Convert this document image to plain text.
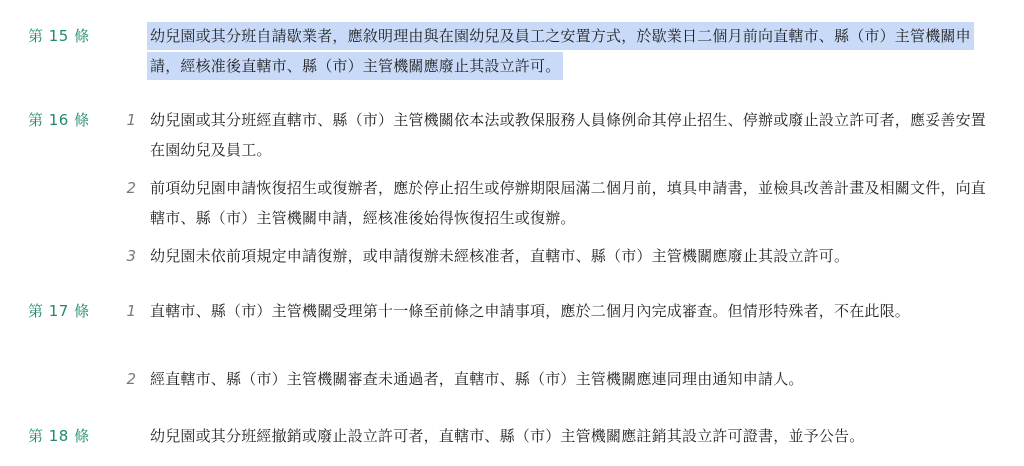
第 15 條	幼兒園或其分班自請歇業者，應敘明理由與在園幼兒及員工之安置方式，於歇業日二個月前向直轄市、縣（市）主管機關申請，經核准後直轄市、縣（市）主管機關應廢止其設立許可。
第 16 條 1 幼兒園或其分班經直轄市、縣（市）主管機關依本法或教保服務人員條例命其停止招生、停辦或廢止設立許可者，應妥善安置在園幼兒及員工。
2 前項幼兒園申請恢復招生或復辦者，應於停止招生或停辦期限屆滿二個月前，填具申請書，並檢具改善計畫及相關文件，向直轄市、縣（市）主管機關申請，經核准後始得恢復招生或復辦。
3 幼兒園未依前項規定申請復辦，或申請復辦未經核准者，直轄市、縣（市）主管機關應廢止其設立許可。
第 17 條 1 直轄市、縣（市）主管機關受理第十一條至前條之申請事項，應於二個月內完成審查。但情形特殊者，不在此限。
2 經直轄市、縣（市）主管機關審查未通過者，直轄市、縣（市）主管機關應連同理由通知申請人。
第 18 條	幼兒園或其分班經撤銷或廢止設立許可者，直轄市、縣（市）主管機關應註銷其設立許可證書，並予公告。
